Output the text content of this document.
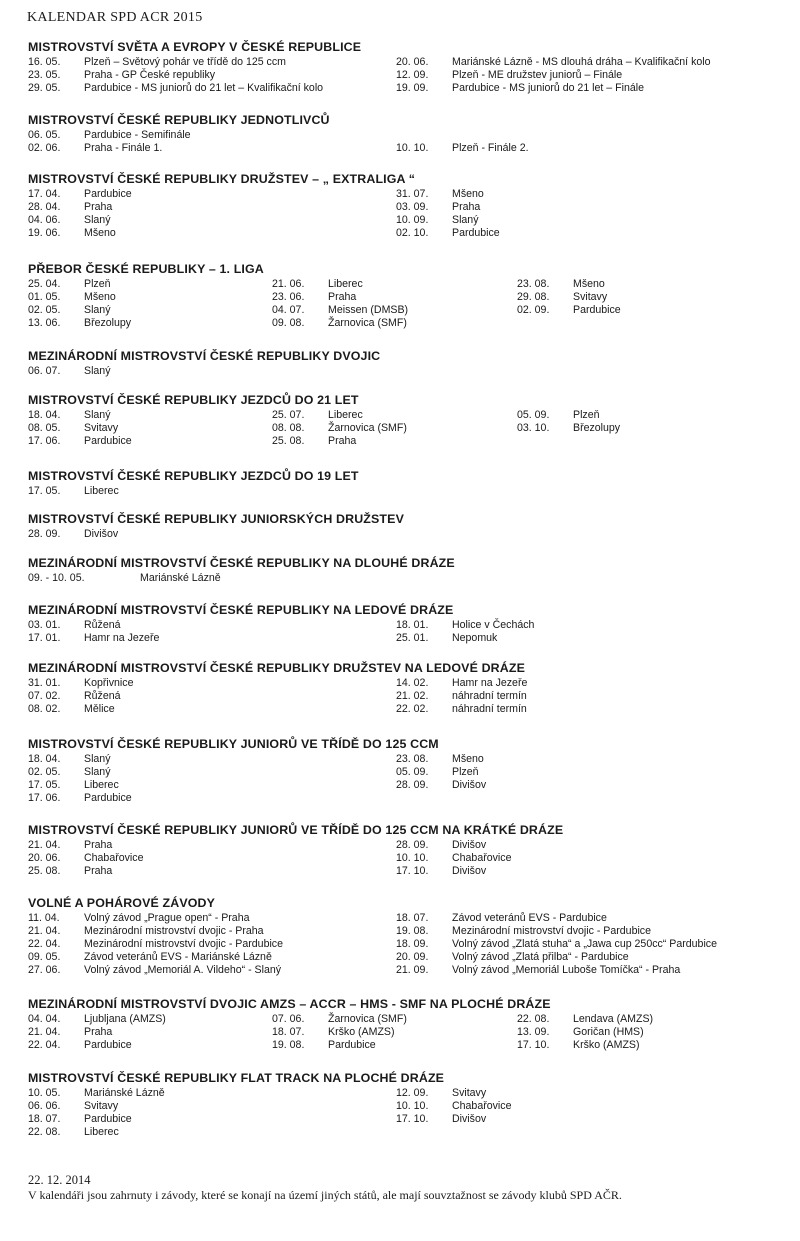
KALENDAR SPD ACR 2015
MISTROVSTVÍ SVĚTA A EVROPY V ČESKÉ REPUBLICE
16. 05. Plzeň – Světový pohár ve třídě do 125 ccm
23. 05. Praha - GP České republiky
29. 05. Pardubice - MS juniorů do 21 let – Kvalifikační kolo
20. 06. Mariánské Lázně - MS dlouhá dráha – Kvalifikační kolo
12. 09. Plzeň - ME družstev juniorů – Finále
19. 09. Pardubice - MS juniorů do 21 let – Finále
MISTROVSTVÍ ČESKÉ REPUBLIKY JEDNOTLIVCŮ
06. 05. Pardubice - Semifinále
02. 06. Praha - Finále 1.	10. 10. Plzeň - Finále 2.
MISTROVSTVÍ ČESKÉ REPUBLIKY DRUŽSTEV – „ EXTRALIGA “
17. 04. Pardubice
28. 04. Praha
04. 06. Slaný
19. 06. Mšeno
31. 07. Mšeno
03. 09. Praha
10. 09. Slaný
02. 10. Pardubice
PŘEBOR ČESKÉ REPUBLIKY – 1. LIGA
25. 04. Plzeň
01. 05. Mšeno
02. 05. Slaný
13. 06. Březolupy
21. 06. Liberec
23. 06. Praha
04. 07. Meissen (DMSB)
09. 08. Žarnovica (SMF)
23. 08. Mšeno
29. 08. Svitavy
02. 09. Pardubice
MEZINÁRODNÍ MISTROVSTVÍ ČESKÉ REPUBLIKY DVOJIC
06. 07. Slaný
MISTROVSTVÍ ČESKÉ REPUBLIKY JEZDCŮ DO 21 LET
18. 04. Slaný
08. 05. Svitavy
17. 06. Pardubice
25. 07. Liberec
08. 08. Žarnovica (SMF)
25. 08. Praha
05. 09. Plzeň
03. 10. Březolupy
MISTROVSTVÍ ČESKÉ REPUBLIKY JEZDCŮ DO 19 LET
17. 05. Liberec
MISTROVSTVÍ ČESKÉ REPUBLIKY JUNIORSKÝCH DRUŽSTEV
28. 09. Divišov
MEZINÁRODNÍ MISTROVSTVÍ ČESKÉ REPUBLIKY NA DLOUHÉ DRÁZE
09. - 10. 05.	Mariánské Lázně
MEZINÁRODNÍ MISTROVSTVÍ ČESKÉ REPUBLIKY NA LEDOVÉ DRÁZE
03. 01. Růžená
17. 01. Hamr na Jezeře
18. 01. Holice v Čechách
25. 01. Nepomuk
MEZINÁRODNÍ MISTROVSTVÍ ČESKÉ REPUBLIKY DRUŽSTEV NA LEDOVÉ DRÁZE
31. 01. Kopřivnice
07. 02. Růžená
08. 02. Mělice
14. 02. Hamr na Jezeře
21. 02. náhradní termín
22. 02. náhradní termín
MISTROVSTVÍ ČESKÉ REPUBLIKY JUNIORŮ VE TŘÍDĚ DO 125 CCM
18. 04. Slaný
02. 05. Slaný
17. 05. Liberec
17. 06. Pardubice
23. 08. Mšeno
05. 09. Plzeň
28. 09. Divišov
MISTROVSTVÍ ČESKÉ REPUBLIKY JUNIORŮ VE TŘÍDĚ DO 125 CCM NA KRÁTKÉ DRÁZE
21. 04. Praha
20. 06. Chabařovice
25. 08. Praha
28. 09. Divišov
10. 10. Chabařovice
17. 10. Divišov
VOLNÉ A POHÁROVÉ ZÁVODY
11. 04. Volný závod „Prague open“ - Praha
21. 04. Mezinárodní mistrovství dvojic - Praha
22. 04. Mezinárodní mistrovství dvojic - Pardubice
09. 05. Závod veteránů EVS - Mariánské Lázně
27. 06. Volný závod „Memoriál A. Vildeho“ - Slaný
18. 07. Závod veteránů EVS - Pardubice
19. 08. Mezinárodní mistrovství dvojic - Pardubice
18. 09. Volný závod „Zlatá stuha“ a „Jawa cup 250cc“ Pardubice
20. 09. Volný závod „Zlatá přilba“ - Pardubice
21. 09. Volný závod „Memoriál Luboše Tomíčka“ - Praha
MEZINÁRODNÍ MISTROVSTVÍ DVOJIC AMZS – ACCR – HMS - SMF NA PLOCHÉ DRÁZE
04. 04. Ljubljana (AMZS)
21. 04. Praha
22. 04. Pardubice
07. 06. Žarnovica (SMF)
18. 07. Krško (AMZS)
19. 08. Pardubice
22. 08. Lendava (AMZS)
13. 09. Goričan (HMS)
17. 10. Krško (AMZS)
MISTROVSTVÍ ČESKÉ REPUBLIKY FLAT TRACK NA PLOCHÉ DRÁZE
10. 05. Mariánské Lázně
06. 06. Svitavy
18. 07. Pardubice
22. 08. Liberec
12. 09. Svitavy
10. 10. Chabařovice
17. 10. Divišov
22. 12. 2014
V kalendáři jsou zahrnuty i závody, které se konají na území jiných států, ale mají souvztažnost se závody klubů SPD AČR.
